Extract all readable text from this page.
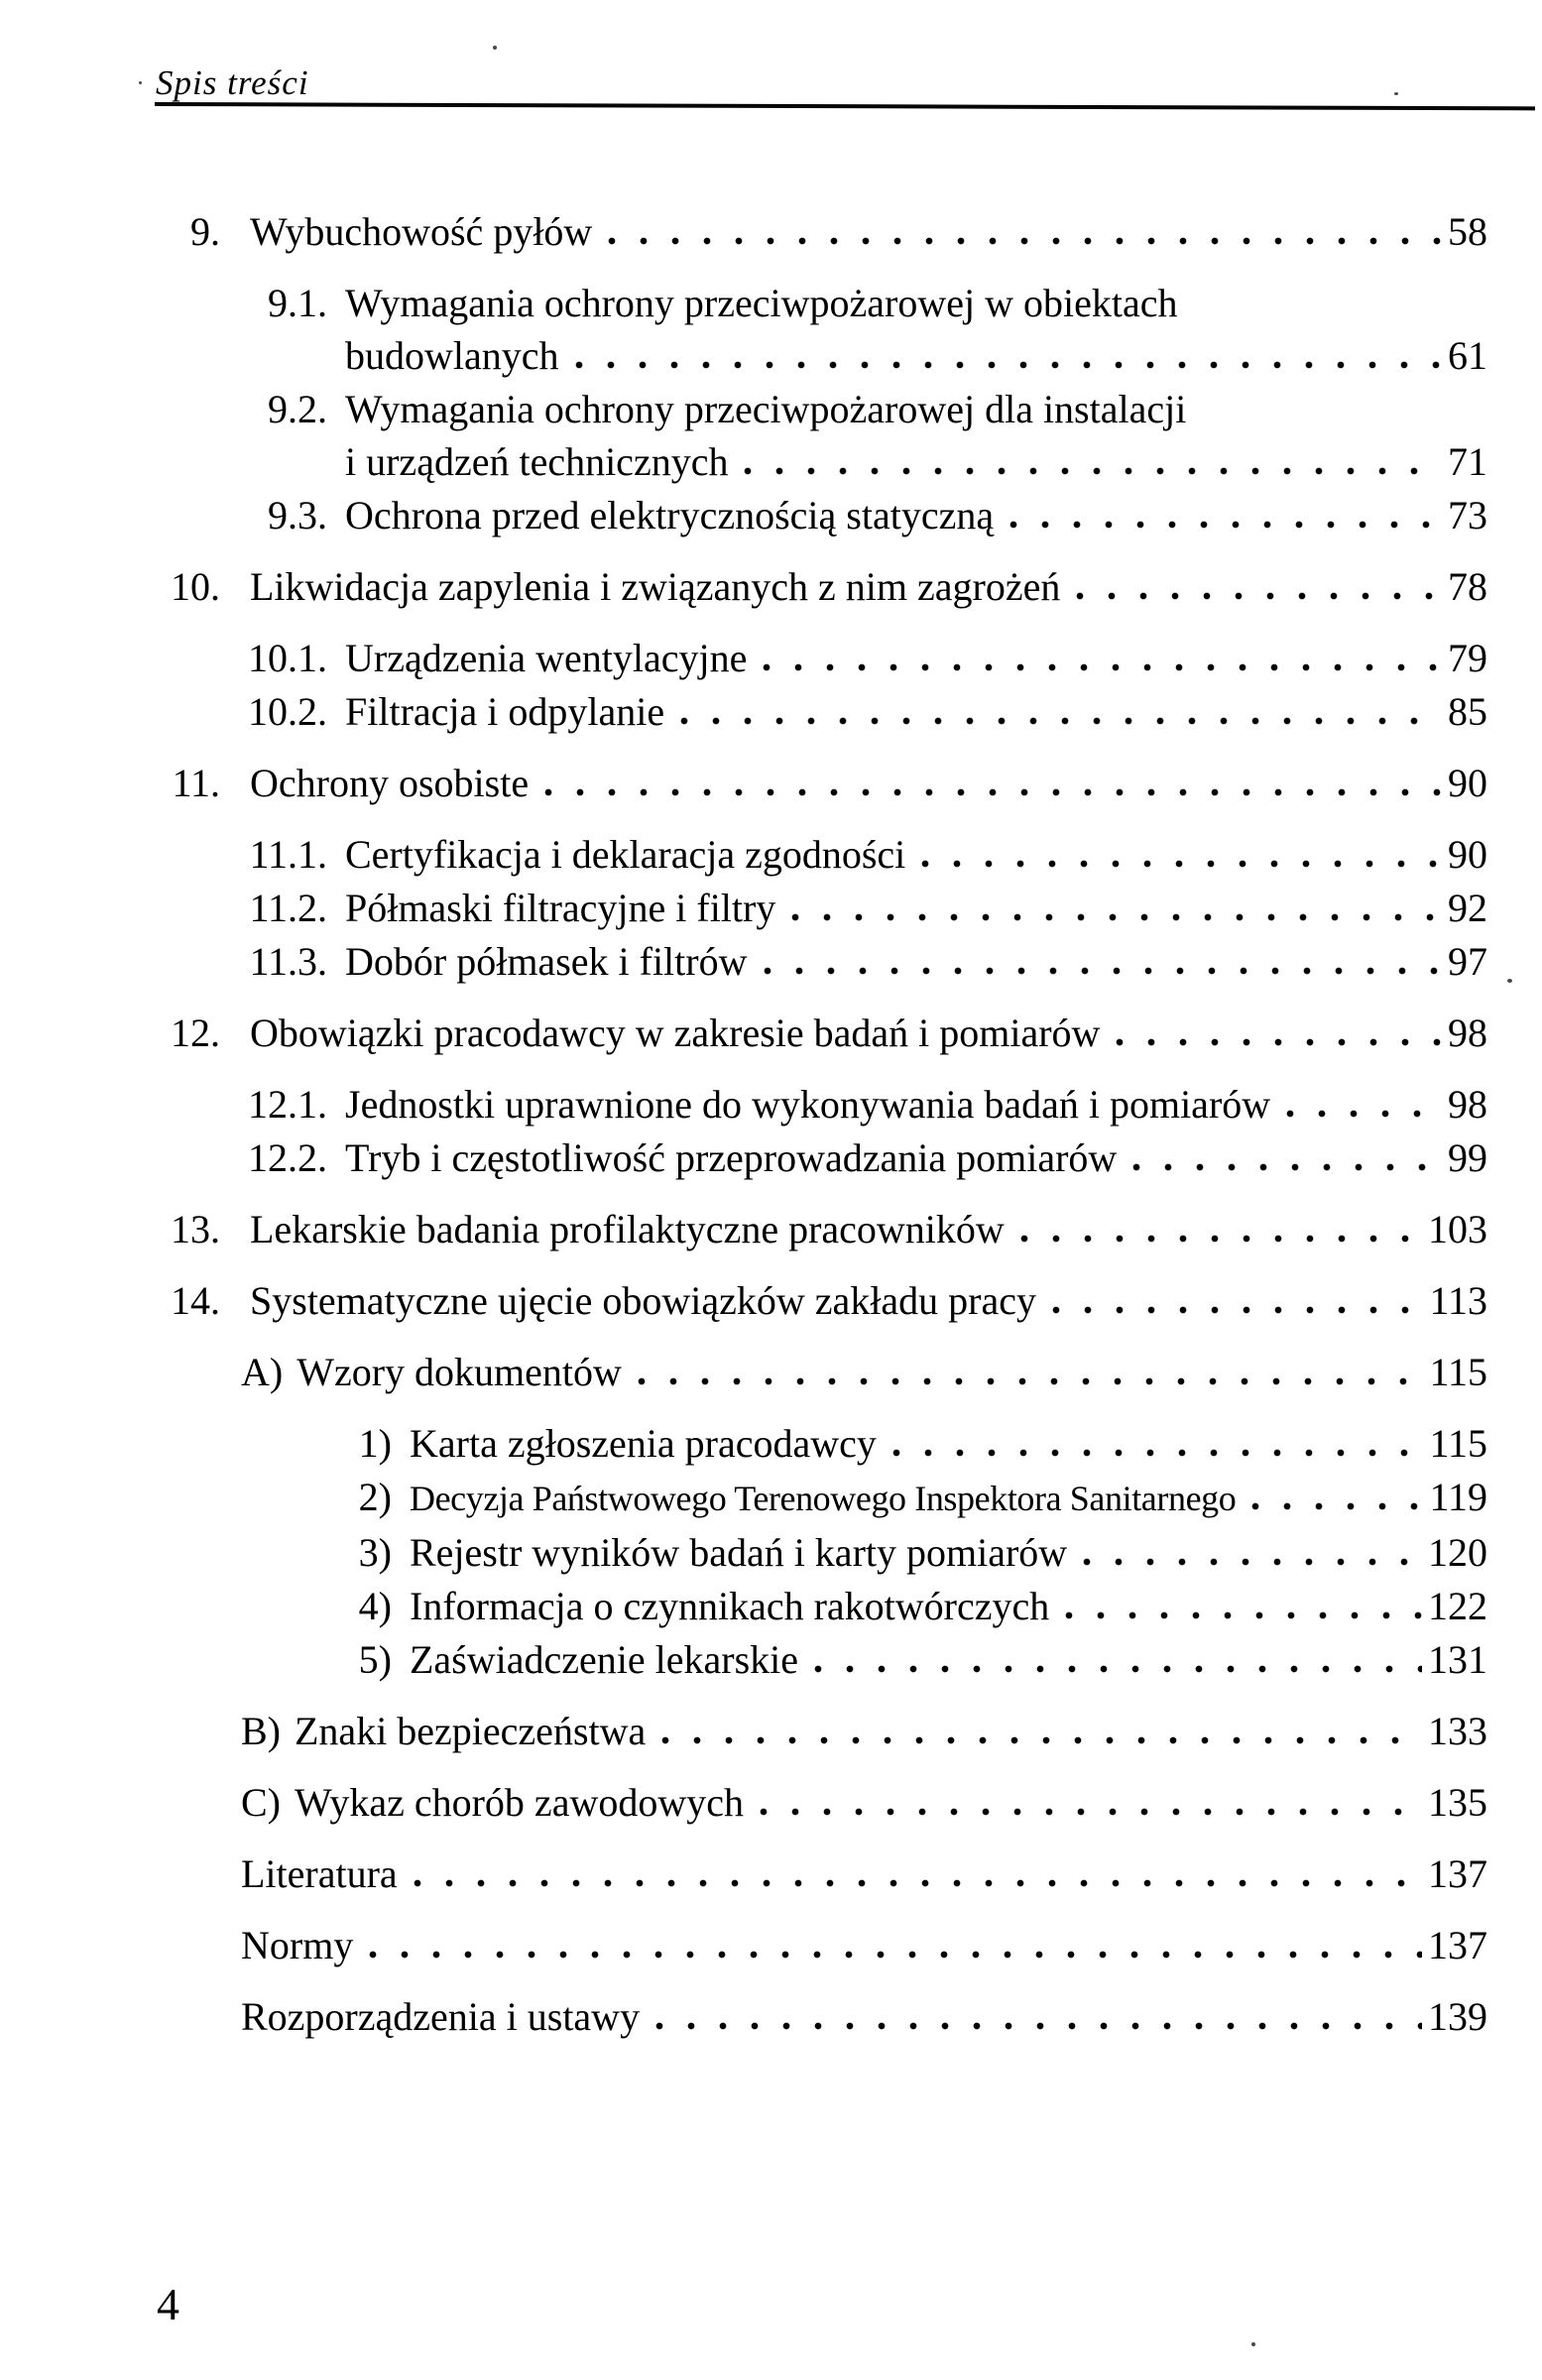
Spis treści
9. Wybuchowość pyłów	58
9.1. Wymagania ochrony przeciwpożarowej w obiektach
budowlanych	61
9.2. Wymagania ochrony przeciwpożarowej dla instalacji
i urządzeń technicznych	71
9.3. Ochrona przed elektrycznością statyczną	73
10. Likwidacja zapylenia i związanych z nim zagrożeń	78
10.1. Urządzenia wentylacyjne	79
10.2. Filtracja i odpylanie	85
11. Ochrony osobiste	90
11.1. Certyfikacja i deklaracja zgodności	90
11.2. Półmaski filtracyjne i filtry	92
11.3. Dobór półmasek i filtrów	97
12. Obowiązki pracodawcy w zakresie badań i pomiarów	98
12.1. Jednostki uprawnione do wykonywania badań i pomiarów	98
12.2. Tryb i częstotliwość przeprowadzania pomiarów	99
13. Lekarskie badania profilaktyczne pracowników	103
14. Systematyczne ujęcie obowiązków zakładu pracy	113
A) Wzory dokumentów	115
1) Karta zgłoszenia pracodawcy	115
2) Decyzja Państwowego Terenowego Inspektora Sanitarnego	119
3) Rejestr wyników badań i karty pomiarów	120
4) Informacja o czynnikach rakotwórczych	122
5) Zaświadczenie lekarskie	131
B) Znaki bezpieczeństwa	133
C) Wykaz chorób zawodowych	135
Literatura	137
Normy	137
Rozporządzenia i ustawy	139
4
